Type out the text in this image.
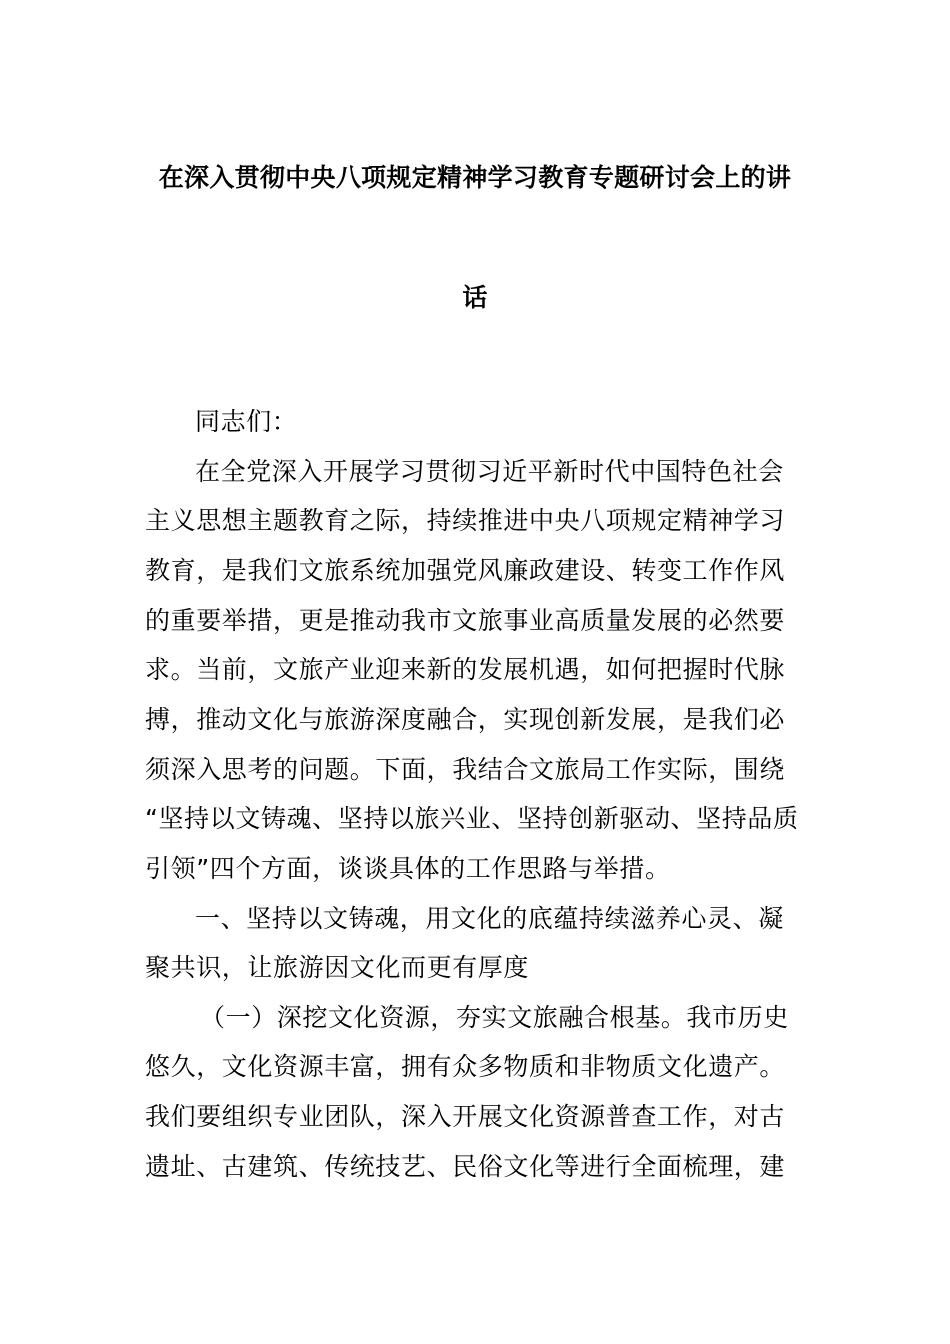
在深入贯彻中央八项规定精神学习教育专题研讨会上的讲
话
同志们：
在全党深入开展学习贯彻习近平新时代中国特色社会
主义思想主题教育之际，持续推进中央八项规定精神学习
教育，是我们文旅系统加强党风廉政建设、转变工作作风
的重要举措，更是推动我市文旅事业高质量发展的必然要
求。当前，文旅产业迎来新的发展机遇，如何把握时代脉
搏，推动文化与旅游深度融合，实现创新发展，是我们必
须深入思考的问题。下面，我结合文旅局工作实际，围绕
“坚持以文铸魂、坚持以旅兴业、坚持创新驱动、坚持品质
引领”四个方面，谈谈具体的工作思路与举措。
一、坚持以文铸魂，用文化的底蕴持续滋养心灵、凝
聚共识，让旅游因文化而更有厚度
（一）深挖文化资源，夯实文旅融合根基。我市历史
悠久，文化资源丰富，拥有众多物质和非物质文化遗产。
我们要组织专业团队，深入开展文化资源普查工作，对古
遗址、古建筑、传统技艺、民俗文化等进行全面梳理，建
